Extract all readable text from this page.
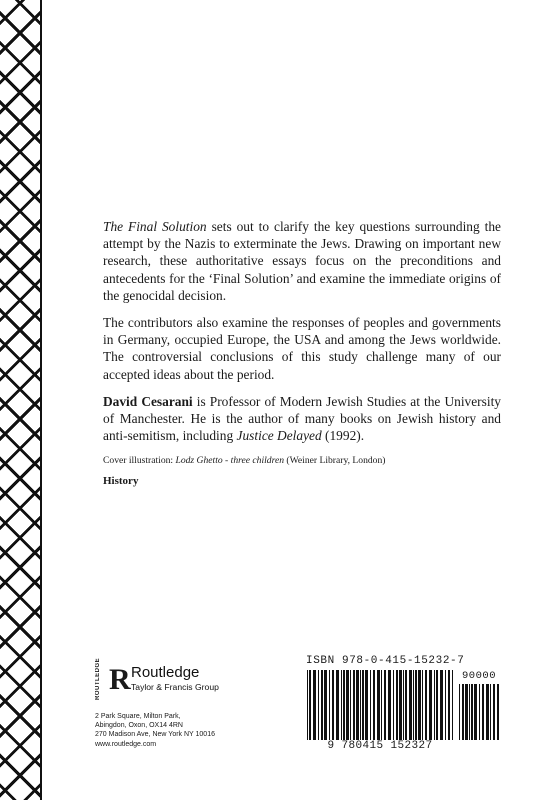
The Final Solution sets out to clarify the key questions surrounding the attempt by the Nazis to exterminate the Jews. Drawing on important new research, these authoritative essays focus on the preconditions and antecedents for the ‘Final Solution’ and examine the immediate origins of the genocidal decision.

The contributors also examine the responses of peoples and governments in Germany, occupied Europe, the USA and among the Jews worldwide. The controversial conclusions of this study challenge many of our accepted ideas about the period.

David Cesarani is Professor of Modern Jewish Studies at the University of Manchester. He is the author of many books on Jewish history and anti-semitism, including Justice Delayed (1992).

Cover illustration: Lodz Ghetto - three children (Weiner Library, London)

History

ROUTLEDGE R Routledge
Taylor & Francis Group
2 Park Square, Milton Park,
Abingdon, Oxon, OX14 4RN
270 Madison Ave, New York NY 10016
www.routledge.com
ISBN 978-0-415-15232-7
90000
9 780415 152327
